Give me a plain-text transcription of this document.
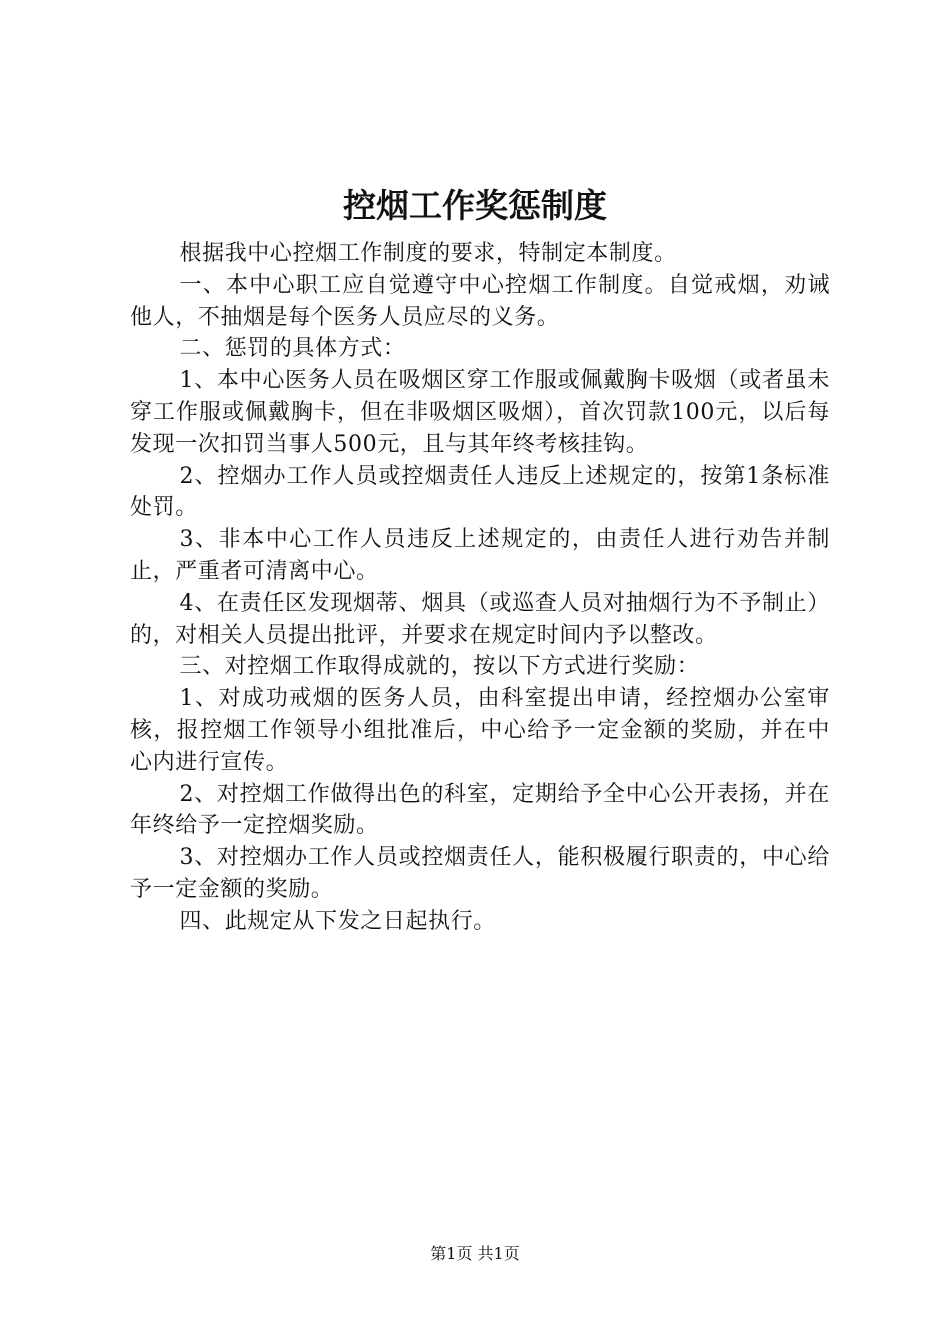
控烟工作奖惩制度

根据我中心控烟工作制度的要求，特制定本制度。

一、本中心职工应自觉遵守中心控烟工作制度。自觉戒烟，劝诫他人，不抽烟是每个医务人员应尽的义务。

二、惩罚的具体方式：

1、本中心医务人员在吸烟区穿工作服或佩戴胸卡吸烟（或者虽未穿工作服或佩戴胸卡，但在非吸烟区吸烟），首次罚款100元，以后每发现一次扣罚当事人500元，且与其年终考核挂钩。

2、控烟办工作人员或控烟责任人违反上述规定的，按第1条标准处罚。

3、非本中心工作人员违反上述规定的，由责任人进行劝告并制止，严重者可清离中心。

4、在责任区发现烟蒂、烟具（或巡查人员对抽烟行为不予制止）的，对相关人员提出批评，并要求在规定时间内予以整改。

三、对控烟工作取得成就的，按以下方式进行奖励：

1、对成功戒烟的医务人员，由科室提出申请，经控烟办公室审核，报控烟工作领导小组批准后，中心给予一定金额的奖励，并在中心内进行宣传。

2、对控烟工作做得出色的科室，定期给予全中心公开表扬，并在年终给予一定控烟奖励。

3、对控烟办工作人员或控烟责任人，能积极履行职责的，中心给予一定金额的奖励。

四、此规定从下发之日起执行。

第1页 共1页
